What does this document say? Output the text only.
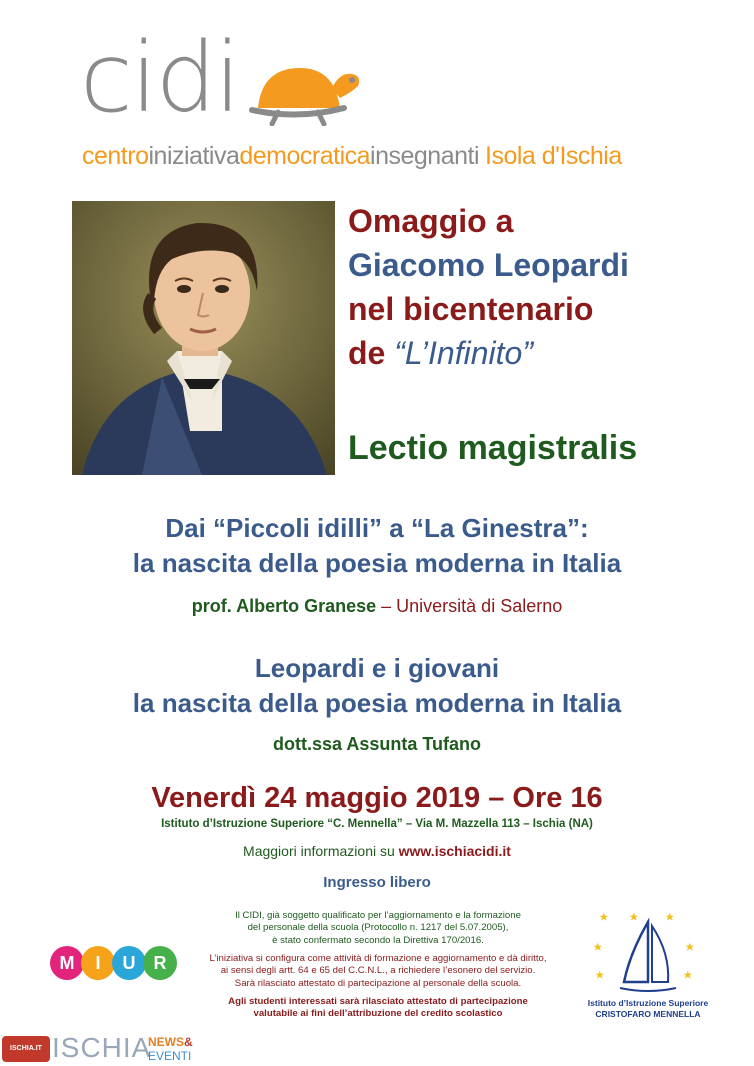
cidi
centroiniziativademocraticainsegnanti Isola d'Ischia
Omaggio a
Giacomo Leopardi
nel bicentenario
de “L’Infinito”
Lectio magistralis
Dai “Piccoli idilli” a “La Ginestra”:
la nascita della poesia moderna in Italia
prof. Alberto Granese – Università di Salerno
Leopardi e i giovani
la nascita della poesia moderna in Italia
dott.ssa Assunta Tufano
Venerdì 24 maggio 2019 – Ore 16
Istituto d’Istruzione Superiore “C. Mennella” – Via M. Mazzella 113 – Ischia (NA)
Maggiori informazioni su www.ischiacidi.it
Ingresso libero
Il CIDI, già soggetto qualificato per l’aggiornamento e la formazione
del personale della scuola (Protocollo n. 1217 del 5.07.2005),
è stato confermato secondo la Direttiva 170/2016.
L’iniziativa si configura come attività di formazione e aggiornamento e dà diritto,
ai sensi degli artt. 64 e 65 del C.C.N.L., a richiedere l’esonero del servizio.
Sarà rilasciato attestato di partecipazione al personale della scuola.
Agli studenti interessati sarà rilasciato attestato di partecipazione
valutabile ai fini dell’attribuzione del credito scolastico
M	I	U	R
Istituto d’Istruzione Superiore
CRISTOFARO MENNELLA
ISCHIA.IT ISCHIA
NEWS&
EVENTI
